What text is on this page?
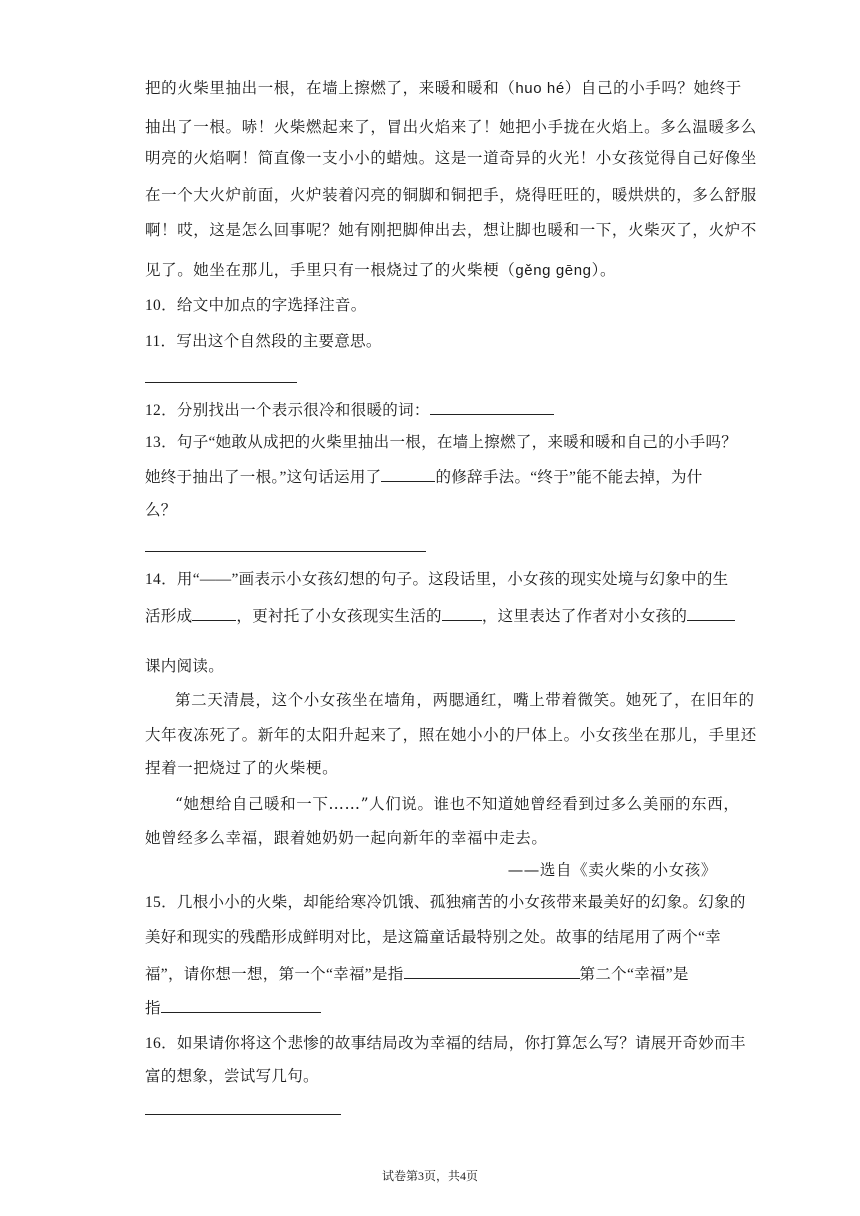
把的火柴里抽出一根，在墙上擦燃了，来暖和暖和（huo hé）自己的小手吗？她终于
抽出了一根。哧！火柴燃起来了，冒出火焰来了！她把小手拢在火焰上。多么温暖多么
明亮的火焰啊！简直像一支小小的蜡烛。这是一道奇异的火光！小女孩觉得自己好像坐
在一个大火炉前面，火炉装着闪亮的铜脚和铜把手，烧得旺旺的，暖烘烘的，多么舒服
啊！哎，这是怎么回事呢？她有刚把脚伸出去，想让脚也暖和一下，火柴灭了，火炉不
见了。她坐在那儿，手里只有一根烧过了的火柴梗（gěng gēng）。
10．给文中加点的字选择注音。
11．写出这个自然段的主要意思。
12．分别找出一个表示很冷和很暖的词：
13．句子“她敢从成把的火柴里抽出一根，在墙上擦燃了，来暖和暖和自己的小手吗？
她终于抽出了一根。”这句话运用了	的修辞手法。“终于”能不能去掉，为什
么？
14．用“——”画表示小女孩幻想的句子。这段话里，小女孩的现实处境与幻象中的生
活形成	，更衬托了小女孩现实生活的	，这里表达了作者对小女孩的
课内阅读。
第二天清晨，这个小女孩坐在墙角，两腮通红，嘴上带着微笑。她死了，在旧年的
大年夜冻死了。新年的太阳升起来了，照在她小小的尸体上。小女孩坐在那儿，手里还
捏着一把烧过了的火柴梗。
“她想给自己暖和一下……”人们说。谁也不知道她曾经看到过多么美丽的东西，
她曾经多么幸福，跟着她奶奶一起向新年的幸福中走去。
——选自《卖火柴的小女孩》
15．几根小小的火柴，却能给寒冷饥饿、孤独痛苦的小女孩带来最美好的幻象。幻象的
美好和现实的残酷形成鲜明对比，是这篇童话最特别之处。故事的结尾用了两个“幸
福”，请你想一想，第一个“幸福”是指	第二个“幸福”是
指
16．如果请你将这个悲惨的故事结局改为幸福的结局，你打算怎么写？请展开奇妙而丰
富的想象，尝试写几句。
试卷第3页，共4页
